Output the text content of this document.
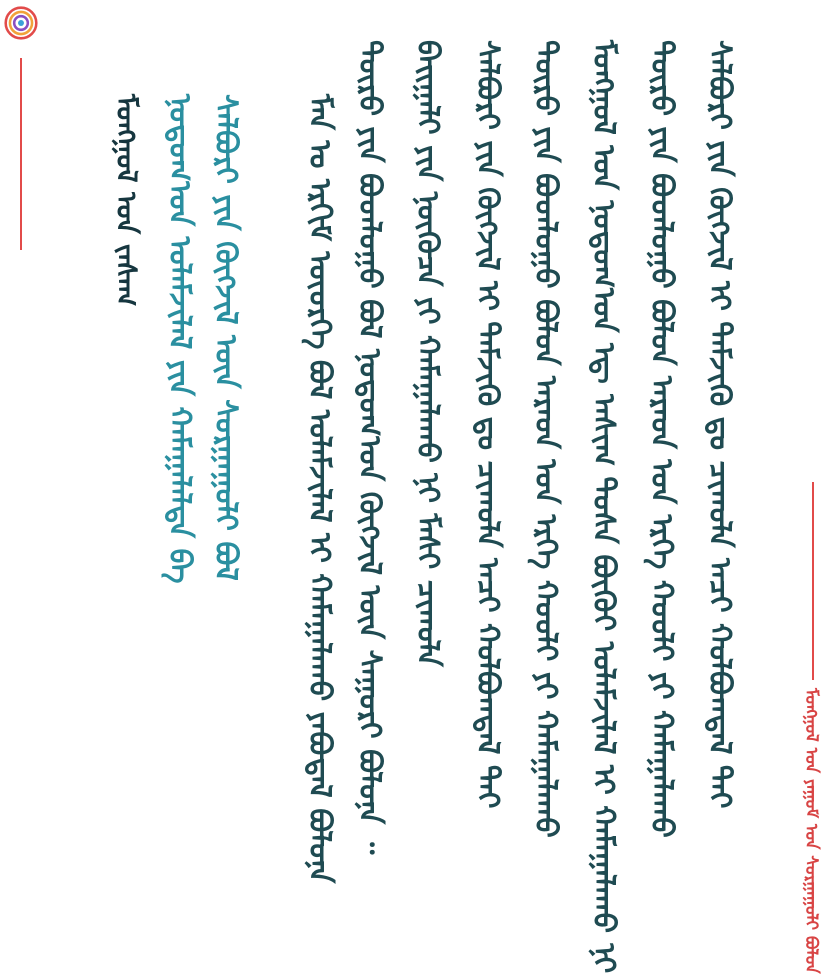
ᠮᠣᠩᠭᠣᠯ ᠤᠨ ᠵᠠᠰᠠᠭ ᠨᠤᠲᠤᠭ᠎ᠤᠨ ᠤᠯᠠᠮᠵᠢᠯᠠᠯ ᠶᠢᠨ ᠬᠠᠮᠠᠭᠠᠯᠠᠯᠲᠠ ᠪᠠ ᠰᠠᠯᠪᠤᠷᠢ ᠶᠢᠨ ᠬᠥᠭᠵᠢᠯ ᠦᠨ ᠰᠤᠷᠭᠠᠭᠤᠯᠢ ᠪᠣᠯ ᠮᠠᠨ ᠤ ᠡᠷᠬᠢᠮ ᠦᠦᠷᠭᠡ ᠪᠣᠯ ᠤᠯᠠᠮᠵᠢᠯᠠᠯ ᠢ ᠬᠠᠮᠠᠭᠠᠯᠠᠬᠤ ᠶᠠᠪᠤᠳᠠᠯ ᠪᠣᠯᠤᠨᠠ ᠲᠥᠷᠦ ᠶᠢᠨ ᠪᠣᠳᠯᠣᠭᠣ ᠪᠣᠯ ᠨᠤᠲᠤᠭ᠎ᠤᠨ ᠬᠥᠭᠵᠢᠯ ᠦᠨ ᠰᠠᠭᠤᠷᠢ ᠪᠣᠯᠤᠨᠠ ᠃ ᠪᠠᠢᠭᠠᠯᠢ ᠶᠢᠨ ᠨᠥᠭᠦᠴᠡ ᠶᠢ ᠬᠠᠮᠠᠭᠠᠯᠠᠬᠤ ᠨᠢ ᠮᠠᠰᠢ ᠴᠢᠬᠤᠯᠠ ᠰᠠᠯᠪᠤᠷᠢ ᠶᠢᠨ ᠬᠥᠭᠵᠢᠯ ᠢ ᠳᠡᠮᠵᠢᠬᠦ ᠳᠤ ᠴᠢᠬᠤᠯᠠ ᠠᠴᠢ ᠬᠣᠯᠪᠣᠭᠳᠠᠯ ᠲᠠᠢ ᠲᠥᠷᠦ ᠶᠢᠨ ᠪᠣᠳᠯᠣᠭᠣ ᠪᠣᠯᠤᠨ ᠠᠷᠠᠳ ᠤᠨ ᠡᠷᠬᠡ ᠬᠣᠤᠯᠢ ᠶᠢ ᠬᠠᠮᠠᠭᠠᠯᠠᠬᠤ ᠮᠣᠩᠭᠣᠯ ᠤᠨ ᠨᠤᠲᠤᠭ᠎ᠤᠨ ᠡᠳ᠋ ᠠᠰᠢᠭ ᠲᠤᠰᠠ ᠪᠦᠬᠦᠢ ᠤᠯᠠᠮᠵᠢᠯᠠᠯ ᠢ ᠬᠠᠮᠠᠭᠠᠯᠠᠬᠤ ᠨᠢ ᠲᠥᠷᠦ ᠶᠢᠨ ᠪᠣᠳᠯᠣᠭᠣ ᠪᠣᠯᠤᠨ ᠠᠷᠠᠳ ᠤᠨ ᠡᠷᠬᠡ ᠬᠣᠤᠯᠢ ᠶᠢ ᠬᠠᠮᠠᠭᠠᠯᠠᠬᠤ ᠰᠠᠯᠪᠤᠷᠢ ᠶᠢᠨ ᠬᠥᠭᠵᠢᠯ ᠢ ᠳᠡᠮᠵᠢᠬᠦ ᠳᠤ ᠴᠢᠬᠤᠯᠠ ᠠᠴᠢ ᠬᠣᠯᠪᠣᠭᠳᠠᠯ ᠲᠠᠢ
ᠮᠣᠩᠭᠣᠯ ᠤᠨ ᠶᠠᠭᠤᠮ ᠤᠨ ᠰᠤᠷᠭᠠᠭᠤᠯᠢ ᠪᠣᠯᠤᠨ
